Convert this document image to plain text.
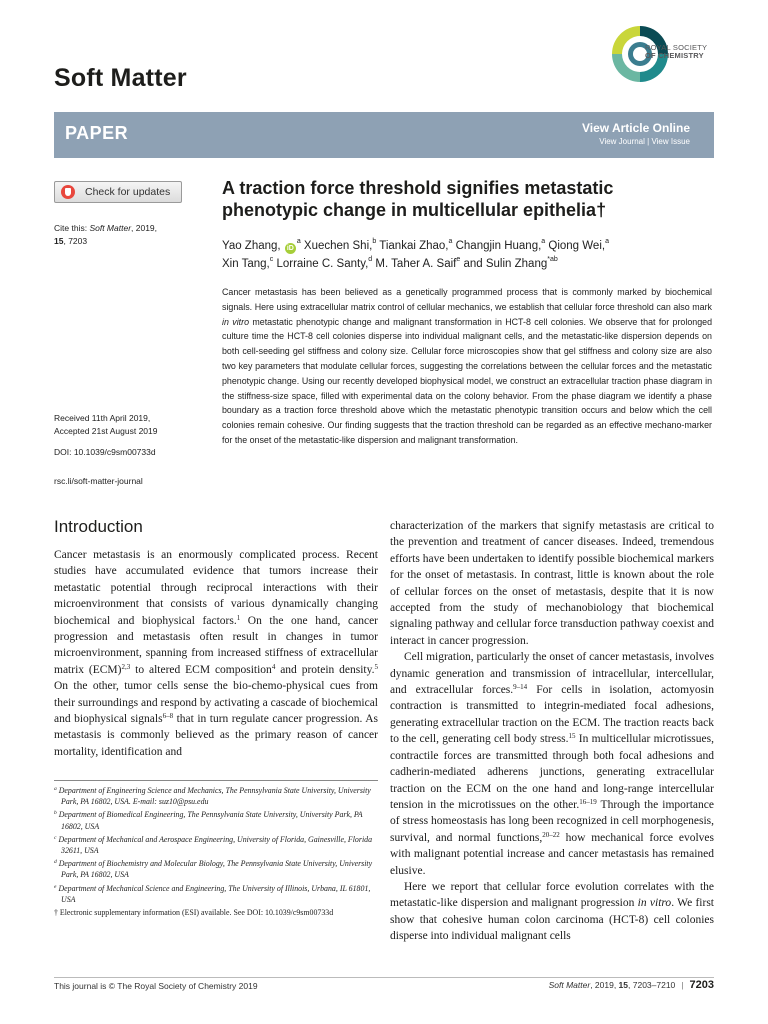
Soft Matter
ROYAL SOCIETY
OF CHEMISTRY
PAPER	View Article Online
View Journal | View Issue
Check for updates
Cite this: Soft Matter, 2019,
15, 7203
Received 11th April 2019,
Accepted 21st August 2019
DOI: 10.1039/c9sm00733d
rsc.li/soft-matter-journal
A traction force threshold signifies metastatic phenotypic change in multicellular epithelia†
Yao Zhang, $iD^a$ Xuechen Shi,$^b$ Tiankai Zhao,$^a$ Changjin Huang,$^a$ Qiong Wei,$^a$
Xin Tang,$^c$ Lorraine C. Santy,$^d$ M. Taher A. Saif$^e$ and Sulin Zhang$^{*ab}$
Cancer metastasis has been believed as a genetically programmed process that is commonly marked by biochemical signals. Here using extracellular matrix control of cellular mechanics, we establish that cellular force threshold can also mark in vitro metastatic phenotypic change and malignant transformation in HCT-8 cell colonies. We observe that for prolonged culture time the HCT-8 cell colonies disperse into individual malignant cells, and the metastatic-like dispersion depends on both cell-seeding gel stiffness and colony size. Cellular force microscopies show that gel stiffness and colony size are also two key parameters that modulate cellular forces, suggesting the correlations between the cellular forces and the metastatic phenotypic change. Using our recently developed biophysical model, we construct an extracellular traction phase diagram in the stiffness-size space, filled with experimental data on the colony behavior. From the phase diagram we identify a phase boundary as a traction force threshold above which the metastatic phenotypic transition occurs and below which the cell colonies remain cohesive. Our finding suggests that the traction threshold can be regarded as an effective mechano-marker for the onset of the metastatic-like dispersion and malignant transformation.
Introduction

Cancer metastasis is an enormously complicated process. Recent studies have accumulated evidence that tumors increase their metastatic potential through reciprocal interactions with their microenvironment that consists of various dynamically changing biochemical and biophysical factors.$^1$ On the one hand, cancer progression and metastasis often result in changes in tumor microenvironment, spanning from increased stiffness of extracellular matrix (ECM)$^{2,3}$ to altered ECM composition$^4$ and protein density.$^5$ On the other, tumor cells sense the bio-chemo-physical cues from their surroundings and respond by activating a cascade of biochemical and biophysical signals$^{6-8}$ that in turn regulate cancer progression. As metastasis is commonly believed as the primary reason of cancer mortality, identification and

$^a$ Department of Engineering Science and Mechanics, The Pennsylvania State University, University Park, PA 16802, USA. E-mail: suz10@psu.edu
$^b$ Department of Biomedical Engineering, The Pennsylvania State University, University Park, PA 16802, USA
$^c$ Department of Mechanical and Aerospace Engineering, University of Florida, Gainesville, Florida 32611, USA
$^d$ Department of Biochemistry and Molecular Biology, The Pennsylvania State University, University Park, PA 16802, USA
$^e$ Department of Mechanical Science and Engineering, The University of Illinois, Urbana, IL 61801, USA
† Electronic supplementary information (ESI) available. See DOI: 10.1039/c9sm00733d

characterization of the markers that signify metastasis are critical to the prevention and treatment of cancer diseases. Indeed, tremendous efforts have been undertaken to identify possible biochemical markers for the onset of metastasis. In contrast, little is known about the role of cellular forces on the onset of metastasis, despite that it is now accepted from the study of mechanobiology that biochemical signaling pathway and cellular force transduction pathway coexist and interact in cancer progression.

Cell migration, particularly the onset of cancer metastasis, involves dynamic generation and transmission of intracellular, intercellular, and extracellular forces.$^{9-14}$ For cells in isolation, actomyosin contraction is transmitted to integrin-mediated focal adhesions, generating extracellular traction on the ECM. The traction reacts back to the cell, generating cell body stress.$^{15}$ In multicellular microtissues, contractile forces are transmitted through both focal adhesions and cadherin-mediated adherens junctions, generating extracellular traction on the ECM on the one hand and long-range intercellular tension in the microtissues on the other.$^{16-19}$ Through the importance of stress homeostasis has long been recognized in cell morphogenesis, survival, and normal functions,$^{20-22}$ how mechanical force evolves with malignant potential increase and cancer metastasis has remained elusive.

Here we report that cellular force evolution correlates with the metastatic-like dispersion and malignant progression in vitro. We first show that cohesive human colon carcinoma (HCT-8) cell colonies disperse into individual malignant cells

This journal is © The Royal Society of Chemistry 2019	Soft Matter, 2019, 15, 7203–7210 | 7203
